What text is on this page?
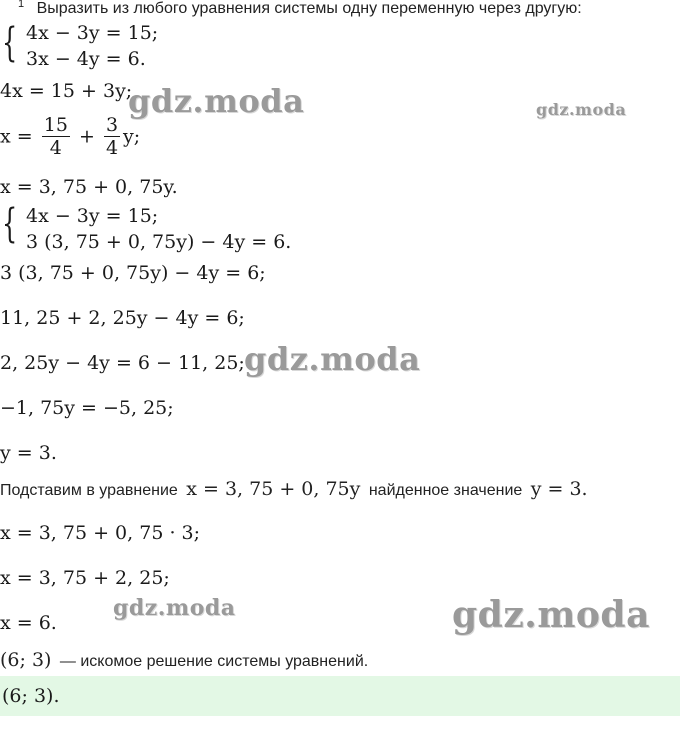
$^1$ Выразить из любого уравнения системы одну переменную через другую:
{ 4x − 3y = 15;
3x − 4y = 6.
4x = 15 + 3y;
$x = \frac{15}{4} + \frac{3}{4} y$;
x = 3, 75 + 0, 75y.
{ 4x − 3y = 15;
3 (3, 75 + 0, 75y) − 4y = 6.
3 (3, 75 + 0, 75y) − 4y = 6;
11, 25 + 2, 25y − 4y = 6;
2, 25y − 4y = 6 − 11, 25;
−1, 75y = −5, 25;
y = 3.
Подставим в уравнение x = 3, 75 + 0, 75y найденное значение y = 3.
x = 3, 75 + 0, 75 · 3;
x = 3, 75 + 2, 25;
x = 6.
(6; 3) — искомое решение системы уравнений.
(6; 3).
gdz.moda	gdz.moda
gdz.moda
gdz.moda	gdz.moda
